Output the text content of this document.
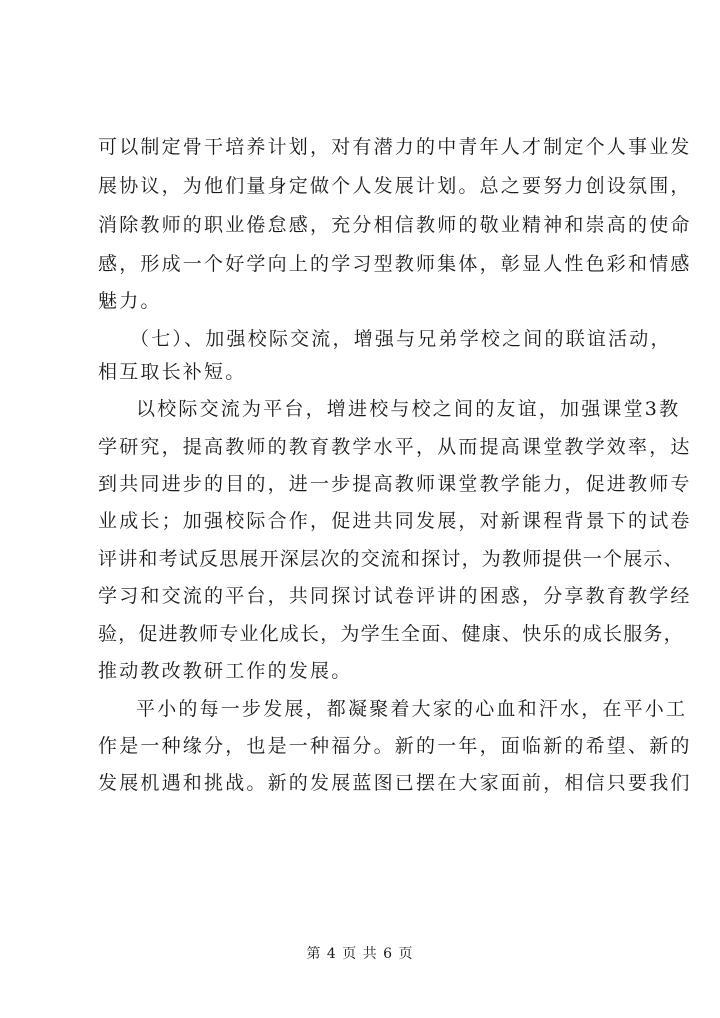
可以制定骨干培养计划，对有潜力的中青年人才制定个人事业发
展协议，为他们量身定做个人发展计划。总之要努力创设氛围，
消除教师的职业倦怠感，充分相信教师的敬业精神和崇高的使命
感，形成一个好学向上的学习型教师集体，彰显人性色彩和情感
魅力。
（七）、加强校际交流，增强与兄弟学校之间的联谊活动，
相互取长补短。
以校际交流为平台，增进校与校之间的友谊，加强课堂3教
学研究，提高教师的教育教学水平，从而提高课堂教学效率，达
到共同进步的目的，进一步提高教师课堂教学能力，促进教师专
业成长；加强校际合作，促进共同发展，对新课程背景下的试卷
评讲和考试反思展开深层次的交流和探讨，为教师提供一个展示、
学习和交流的平台，共同探讨试卷评讲的困惑，分享教育教学经
验，促进教师专业化成长，为学生全面、健康、快乐的成长服务，
推动教改教研工作的发展。
平小的每一步发展，都凝聚着大家的心血和汗水，在平小工
作是一种缘分，也是一种福分。新的一年，面临新的希望、新的
发展机遇和挑战。新的发展蓝图已摆在大家面前，相信只要我们
第 4 页 共 6 页
